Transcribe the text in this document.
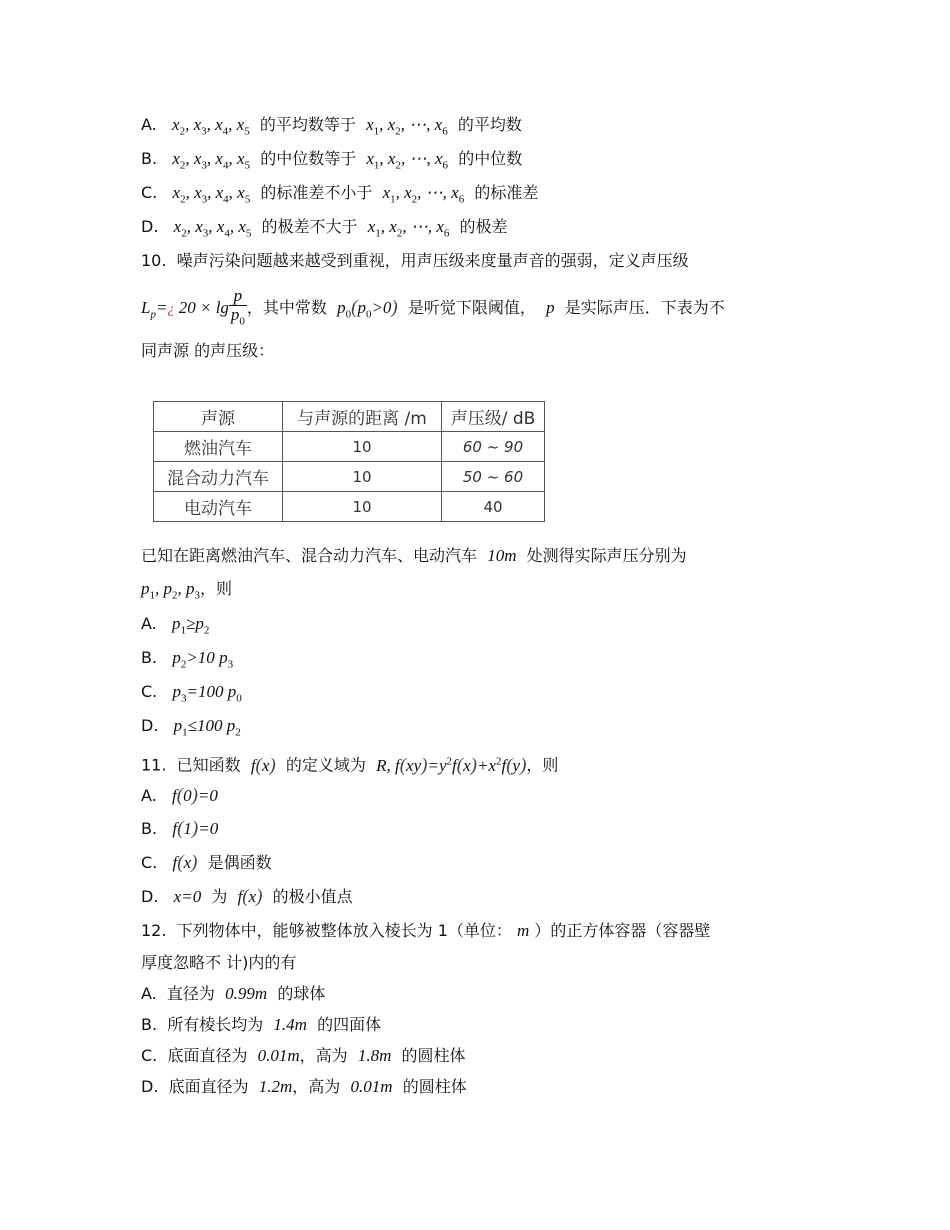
A. $x_2$, $x_3$, $x_4$, $x_5$ 的平均数等于 $x_1$, $x_2$, ⋯, $x_6$ 的平均数
B. $x_2$, $x_3$, $x_4$, $x_5$ 的中位数等于 $x_1$, $x_2$, ⋯, $x_6$ 的中位数
C. $x_2$, $x_3$, $x_4$, $x_5$ 的标准差不小于 $x_1$, $x_2$, ⋯, $x_6$ 的标准差
D. $x_2$, $x_3$, $x_4$, $x_5$ 的极差不大于 $x_1$, $x_2$, ⋯, $x_6$ 的极差
10. 噪声污染问题越来越受到重视，用声压级来度量声音的强弱，定义声压级
$L_p=¿$ $20 \times \lg \frac{p}{p_0}$ ，其中常数 $p_0(p_0>0)$ 是听觉下限阈值， p 是实际声压．下表为不
同声源 的声压级：
声源	与声源的距离 /m	声压级/ dB
燃油汽车	10	60 ~ 90
混合动力汽车	10	50 ~ 60
电动汽车	10	40
已知在距离燃油汽车、混合动力汽车、电动汽车 10m 处测得实际声压分别为
$p_1$, $p_2$, $p_3$，则
A. $p_1\ge p_2$
B. $p_2>10$ $p_3$
C. $p_3=100$ $p_0$
D. $p_1\le 100$ $p_2$
11. 已知函数 f(x) 的定义域为 R, $f(xy)=y^2f(x)+x^2f(y)$，则
A. f(0)=0
B. f(1)=0
C. f(x) 是偶函数
D. x=0 为 f(x) 的极小值点
12. 下列物体中，能够被整体放入棱长为 1（单位： m ）的正方体容器（容器壁
厚度忽略不 计)内的有
A. 直径为 0.99m 的球体
B. 所有棱长均为 1.4m 的四面体
C. 底面直径为 0.01m，高为 1.8m 的圆柱体
D. 底面直径为 1.2m，高为 0.01m 的圆柱体
